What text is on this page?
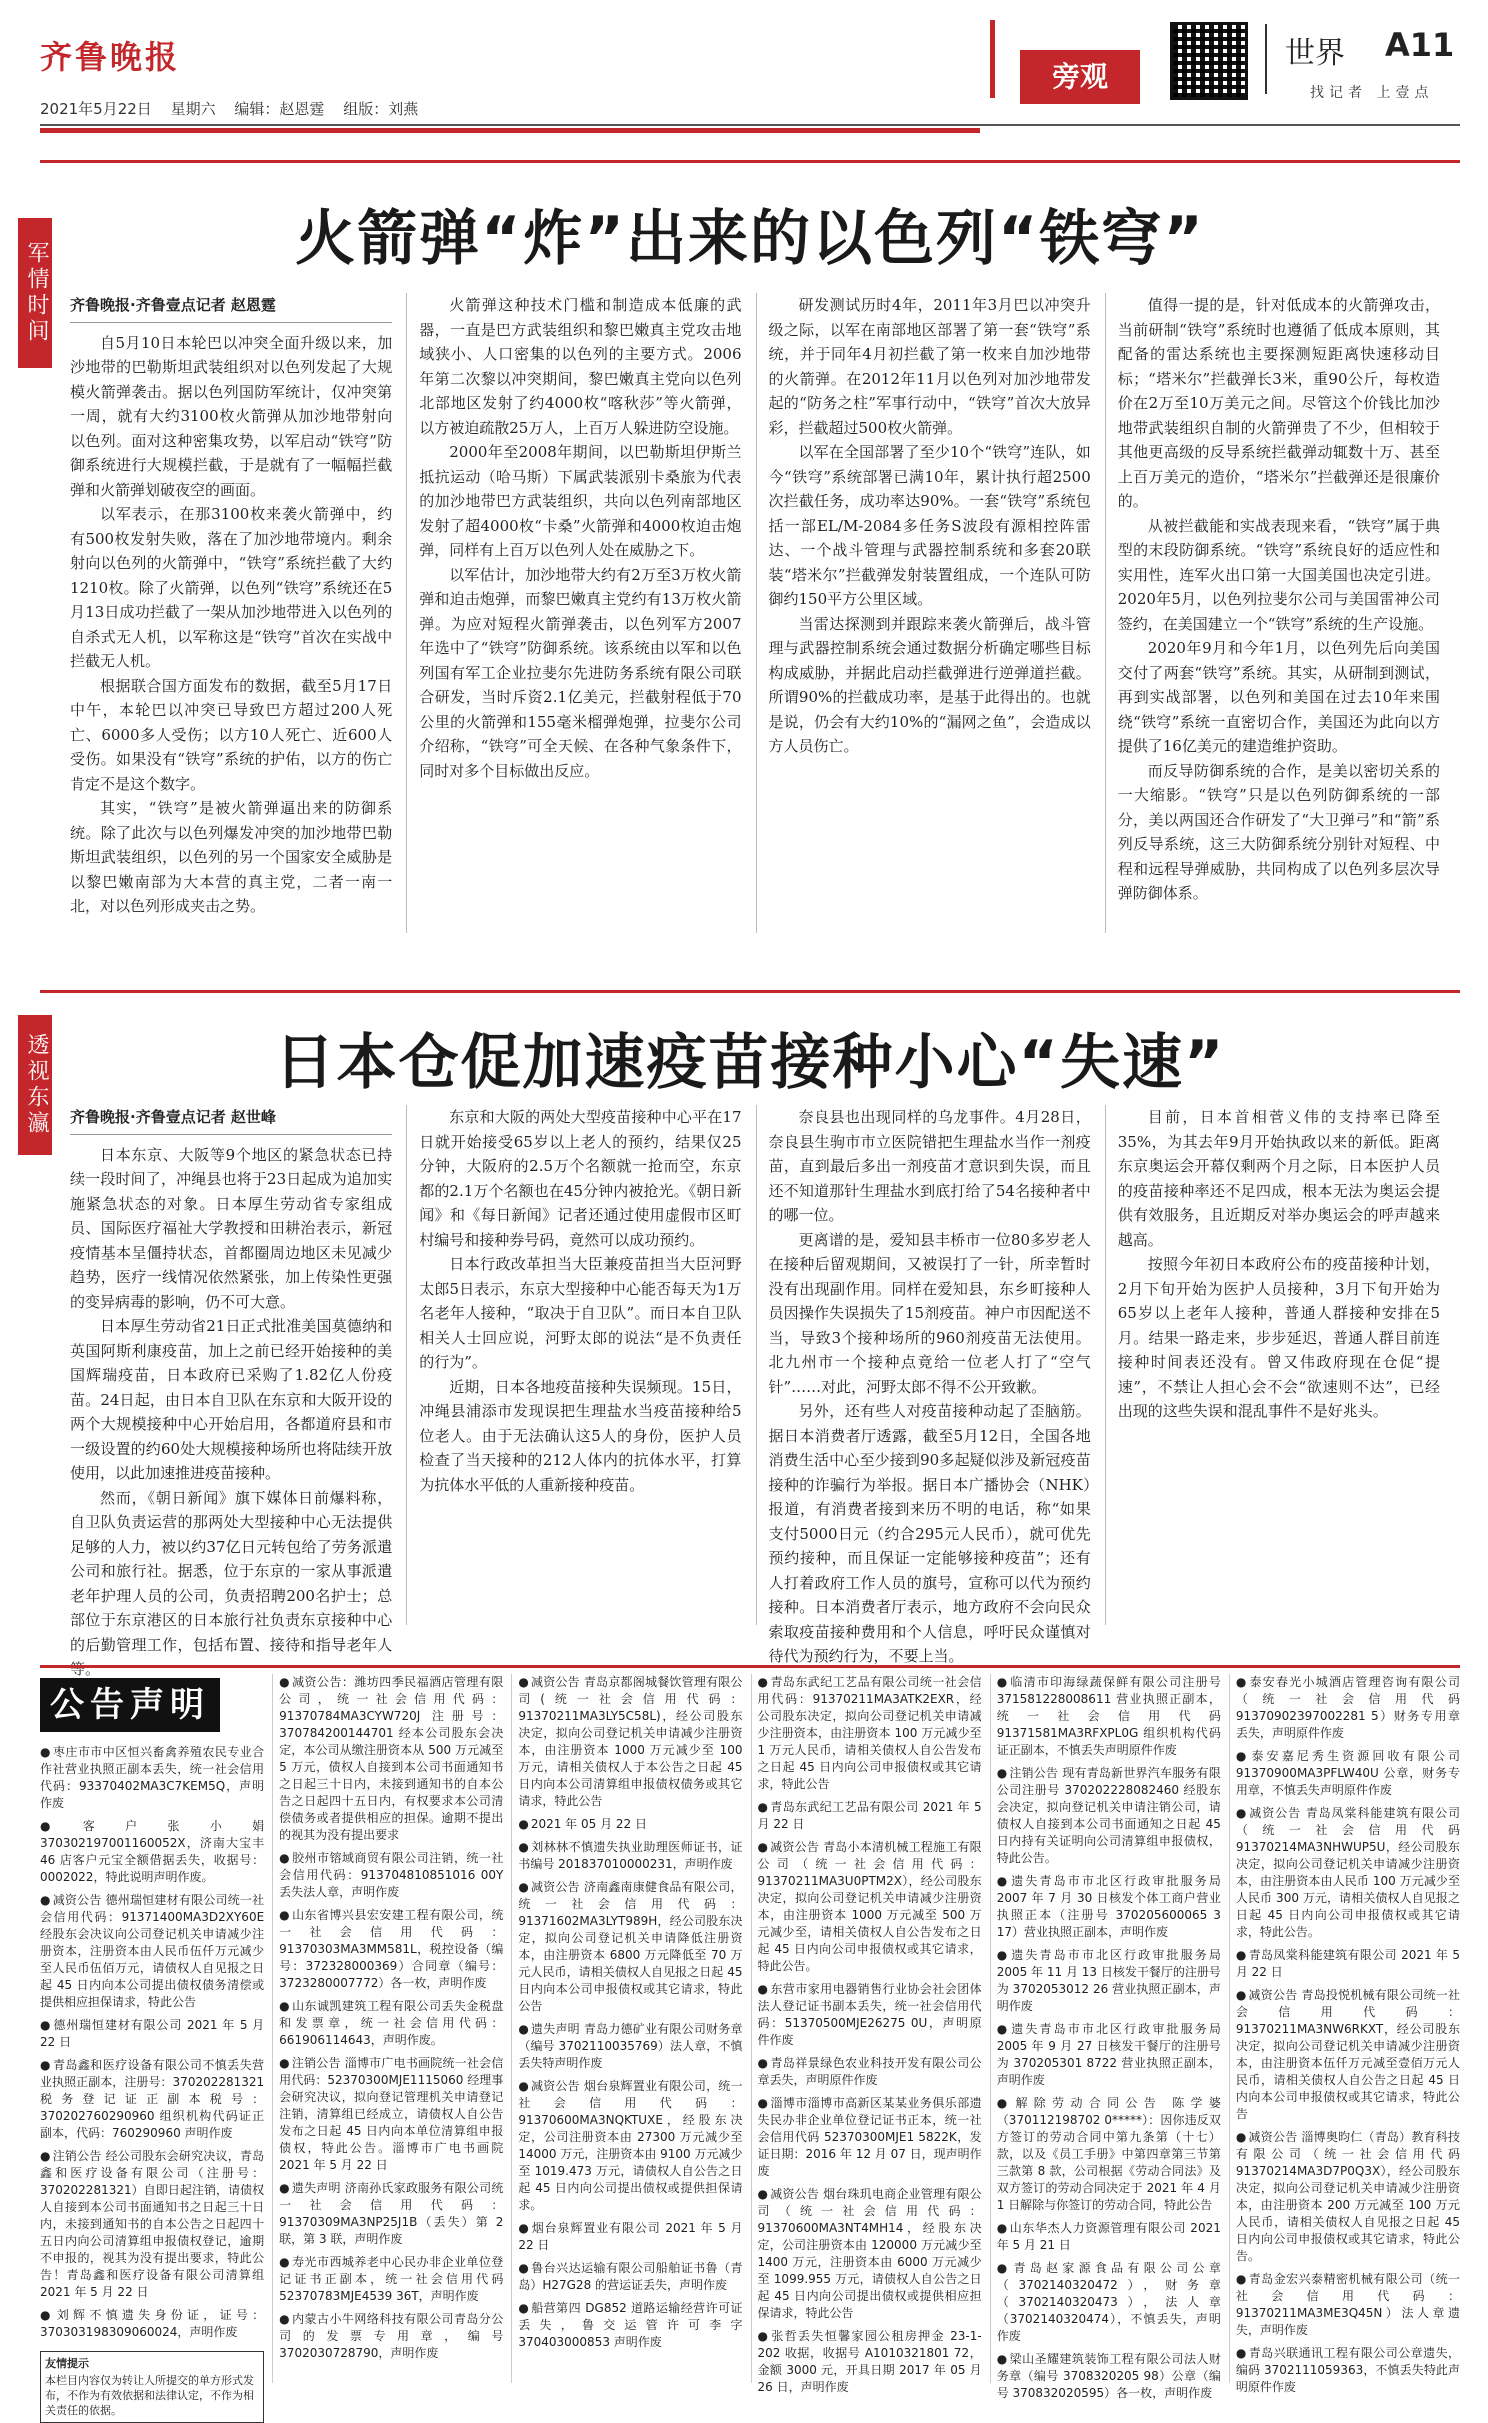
齐鲁晚报
2021年5月22日 星期六 编辑：赵恩霆 组版：刘燕
旁观
世界 A11
找记者 上壹点
军情时间
火箭弹“炸”出来的以色列“铁穹”
齐鲁晚报·齐鲁壹点记者 赵恩霆

自5月10日本轮巴以冲突全面升级以来，加沙地带的巴勒斯坦武装组织对以色列发起了大规模火箭弹袭击。据以色列国防军统计，仅冲突第一周，就有大约3100枚火箭弹从加沙地带射向以色列。面对这种密集攻势，以军启动“铁穹”防御系统进行大规模拦截，于是就有了一幅幅拦截弹和火箭弹划破夜空的画面。

以军表示，在那3100枚来袭火箭弹中，约有500枚发射失败，落在了加沙地带境内。剩余射向以色列的火箭弹中，“铁穹”系统拦截了大约1210枚。除了火箭弹，以色列“铁穹”系统还在5月13日成功拦截了一架从加沙地带进入以色列的自杀式无人机，以军称这是“铁穹”首次在实战中拦截无人机。

根据联合国方面发布的数据，截至5月17日中午，本轮巴以冲突已导致巴方超过200人死亡、6000多人受伤；以方10人死亡、近600人受伤。如果没有“铁穹”系统的护佑，以方的伤亡肯定不是这个数字。

其实，“铁穹”是被火箭弹逼出来的防御系统。除了此次与以色列爆发冲突的加沙地带巴勒斯坦武装组织，以色列的另一个国家安全威胁是以黎巴嫩南部为大本营的真主党，二者一南一北，对以色列形成夹击之势。

火箭弹这种技术门槛和制造成本低廉的武器，一直是巴方武装组织和黎巴嫩真主党攻击地域狭小、人口密集的以色列的主要方式。2006年第二次黎以冲突期间，黎巴嫩真主党向以色列北部地区发射了约4000枚“喀秋莎”等火箭弹，以方被迫疏散25万人，上百万人躲进防空设施。

2000年至2008年期间，以巴勒斯坦伊斯兰抵抗运动（哈马斯）下属武装派别卡桑旅为代表的加沙地带巴方武装组织，共向以色列南部地区发射了超4000枚“卡桑”火箭弹和4000枚迫击炮弹，同样有上百万以色列人处在威胁之下。

以军估计，加沙地带大约有2万至3万枚火箭弹和迫击炮弹，而黎巴嫩真主党约有13万枚火箭弹。为应对短程火箭弹袭击，以色列军方2007年选中了“铁穹”防御系统。该系统由以军和以色列国有军工企业拉斐尔先进防务系统有限公司联合研发，当时斥资2.1亿美元，拦截射程低于70公里的火箭弹和155毫米榴弹炮弹，拉斐尔公司介绍称，“铁穹”可全天候、在各种气象条件下，同时对多个目标做出反应。

研发测试历时4年，2011年3月巴以冲突升级之际，以军在南部地区部署了第一套“铁穹”系统，并于同年4月初拦截了第一枚来自加沙地带的火箭弹。在2012年11月以色列对加沙地带发起的“防务之柱”军事行动中，“铁穹”首次大放异彩，拦截超过500枚火箭弹。

以军在全国部署了至少10个“铁穹”连队，如今“铁穹”系统部署已满10年，累计执行超2500次拦截任务，成功率达90%。一套“铁穹”系统包括一部EL/M-2084多任务S波段有源相控阵雷达、一个战斗管理与武器控制系统和多套20联装“塔米尔”拦截弹发射装置组成，一个连队可防御约150平方公里区域。

当雷达探测到并跟踪来袭火箭弹后，战斗管理与武器控制系统会通过数据分析确定哪些目标构成威胁，并据此启动拦截弹进行逆弹道拦截。所谓90%的拦截成功率，是基于此得出的。也就是说，仍会有大约10%的“漏网之鱼”，会造成以方人员伤亡。

值得一提的是，针对低成本的火箭弹攻击，当前研制“铁穹”系统时也遵循了低成本原则，其配备的雷达系统也主要探测短距离快速移动目标；“塔米尔”拦截弹长3米，重90公斤，每枚造价在2万至10万美元之间。尽管这个价钱比加沙地带武装组织自制的火箭弹贵了不少，但相较于其他更高级的反导系统拦截弹动辄数十万、甚至上百万美元的造价，“塔米尔”拦截弹还是很廉价的。

从被拦截能和实战表现来看，“铁穹”属于典型的末段防御系统。“铁穹”系统良好的适应性和实用性，连军火出口第一大国美国也决定引进。2020年5月，以色列拉斐尔公司与美国雷神公司签约，在美国建立一个“铁穹”系统的生产设施。

2020年9月和今年1月，以色列先后向美国交付了两套“铁穹”系统。其实，从研制到测试，再到实战部署，以色列和美国在过去10年来围绕“铁穹”系统一直密切合作，美国还为此向以方提供了16亿美元的建造维护资助。

而反导防御系统的合作，是美以密切关系的一大缩影。“铁穹”只是以色列防御系统的一部分，美以两国还合作研发了“大卫弹弓”和“箭”系列反导系统，这三大防御系统分别针对短程、中程和远程导弹威胁，共同构成了以色列多层次导弹防御体系。

透视东瀛	日本仓促加速疫苗接种小心“失速”
齐鲁晚报·齐鲁壹点记者 赵世峰

日本东京、大阪等9个地区的紧急状态已持续一段时间了，冲绳县也将于23日起成为追加实施紧急状态的对象。日本厚生劳动省专家组成员、国际医疗福祉大学教授和田耕治表示，新冠疫情基本呈僵持状态，首都圈周边地区未见减少趋势，医疗一线情况依然紧张，加上传染性更强的变异病毒的影响，仍不可大意。

日本厚生劳动省21日正式批准美国莫德纳和英国阿斯利康疫苗，加上之前已经开始接种的美国辉瑞疫苗，日本政府已采购了1.82亿人份疫苗。24日起，由日本自卫队在东京和大阪开设的两个大规模接种中心开始启用，各都道府县和市一级设置的约60处大规模接种场所也将陆续开放使用，以此加速推进疫苗接种。

然而，《朝日新闻》旗下媒体日前爆料称，自卫队负责运营的那两处大型接种中心无法提供足够的人力，被以约37亿日元转包给了劳务派遣公司和旅行社。据悉，位于东京的一家从事派遣老年护理人员的公司，负责招聘200名护士；总部位于东京港区的日本旅行社负责东京接种中心的后勤管理工作，包括布置、接待和指导老年人等。

东京和大阪的两处大型疫苗接种中心平在17日就开始接受65岁以上老人的预约，结果仅25分钟，大阪府的2.5万个名额就一抢而空，东京都的2.1万个名额也在45分钟内被抢光。《朝日新闻》和《每日新闻》记者还通过使用虚假市区町村编号和接种券号码，竟然可以成功预约。

日本行政改革担当大臣兼疫苗担当大臣河野太郎5日表示，东京大型接种中心能否每天为1万名老年人接种，“取决于自卫队”。而日本自卫队相关人士回应说，河野太郎的说法“是不负责任的行为”。

近期，日本各地疫苗接种失误频现。15日，冲绳县浦添市发现误把生理盐水当疫苗接种给5位老人。由于无法确认这5人的身份，医护人员检查了当天接种的212人体内的抗体水平，打算为抗体水平低的人重新接种疫苗。

奈良县也出现同样的乌龙事件。4月28日，奈良县生驹市市立医院错把生理盐水当作一剂疫苗，直到最后多出一剂疫苗才意识到失误，而且还不知道那针生理盐水到底打给了54名接种者中的哪一位。

更离谱的是，爱知县丰桥市一位80多岁老人在接种后留观期间，又被误打了一针，所幸暂时没有出现副作用。同样在爱知县，东乡町接种人员因操作失误损失了15剂疫苗。神户市因配送不当，导致3个接种场所的960剂疫苗无法使用。北九州市一个接种点竟给一位老人打了“空气针”……对此，河野太郎不得不公开致歉。

另外，还有些人对疫苗接种动起了歪脑筋。据日本消费者厅透露，截至5月12日，全国各地消费生活中心至少接到90多起疑似涉及新冠疫苗接种的诈骗行为举报。据日本广播协会（NHK）报道，有消费者接到来历不明的电话，称“如果支付5000日元（约合295元人民币），就可优先预约接种，而且保证一定能够接种疫苗”；还有人打着政府工作人员的旗号，宣称可以代为预约接种。日本消费者厅表示，地方政府不会向民众索取疫苗接种费用和个人信息，呼吁民众谨慎对待代为预约行为，不要上当。

目前，日本首相菅义伟的支持率已降至35%，为其去年9月开始执政以来的新低。距离东京奥运会开幕仅剩两个月之际，日本医护人员的疫苗接种率还不足四成，根本无法为奥运会提供有效服务，且近期反对举办奥运会的呼声越来越高。

按照今年初日本政府公布的疫苗接种计划，2月下旬开始为医护人员接种，3月下旬开始为65岁以上老年人接种，普通人群接种安排在5月。结果一路走来，步步延迟，普通人群目前连接种时间表还没有。曾又伟政府现在仓促“提速”，不禁让人担心会不会“欲速则不达”，已经出现的这些失误和混乱事件不是好兆头。

● 枣庄市市中区恒兴畜禽养殖农民专业合作社营业执照正副本丢失，统一社会信用代码：93370402MA3C7KEM5Q，声明作废
● 客户张小娟 370302197001160052X，济南大宝丰 46 店客户元宝全额借据丢失，收据号：0002022，特此说明声明作废。
● 减资公告 德州瑞恒建材有限公司统一社会信用代码：91371400MA3D2XY60E经股东会决议向公司登记机关申请减少注册资本，注册资本由人民币伍仟万元减少至人民币伍佰万元，请债权人自见报之日起 45 日内向本公司提出债权债务清偿或提供相应担保请求，特此公告
● 德州瑞恒建材有限公司 2021 年 5 月 22 日
● 青岛鑫和医疗设备有限公司不慎丢失营业执照正副本，注册号：370202281321 税务登记证正副本税号：370202760290960 组织机构代码证正副本，代码：760290960 声明作废
● 注销公告 经公司股东会研究决议，青岛鑫和医疗设备有限公司（注册号：370202281321）自即日起注销，请债权人自接到本公司书面通知书之日起三十日内，未接到通知书的自本公告之日起四十五日内向公司清算组申报债权登记，逾期不申报的，视其为没有提出要求，特此公告！青岛鑫和医疗设备有限公司清算组 2021 年 5 月 22 日
● 刘辉不慎遗失身份证，证号：370303198309060024，声明作废
友情提示
本栏目内容仅为转让人所提交的单方形式发布，不作为有效依据和法律认定，不作为相关责任的依据。
● 减资公告：潍坊四季民福酒店管理有限公司，统一社会信用代码：91370784MA3CYW720J 注册号：370784200144701 经本公司股东会决定，本公司从缴注册资本从 500 万元减至 5 万元，债权人自接到本公司书面通知书之日起三十日内，未接到通知书的自本公告之日起四十五日内，有权要求本公司清偿债务或者提供相应的担保。逾期不提出的视其为没有提出要求
● 胶州市镕域商贸有限公司注销，统一社会信用代码：913704810851016 00Y 丢失法人章，声明作废
● 山东省博兴县宏安建工程有限公司，统一社会信用代码：91370303MA3MM581L，税控设备（编号：372328000369）合同章（编号：3723280007772）各一枚，声明作废
● 山东诚凯建筑工程有限公司丢失金税盘和发票章，统一社会信用代码：661906114643，声明作废。
● 注销公告 淄博市广电书画院统一社会信用代码：52370300MJE1115060 经理事会研究决议，拟向登记管理机关申请登记注销，清算组已经成立，请债权人自公告发布之日起 45 日内向本单位清算组申报债权，特此公告。淄博市广电书画院 2021 年 5 月 22 日
● 遗失声明 济南孙氏家政服务有限公司统一社会信用代码：91370309MA3NP25J1B（丢失）第 2 联，第 3 联，声明作废
● 寿光市西城养老中心民办非企业单位登记证书正副本，统一社会信用代码 52370783MJE4539 36T，声明作废
● 内蒙古小牛网络科技有限公司青岛分公司的发票专用章，编号 3702030728790，声明作废
● 减资公告 青岛京都阁城餐饮管理有限公司(统一社会信用代码：91370211MA3LY5C58L)，经公司股东决定，拟向公司登记机关申请减少注册资本，由注册资本 1000 万元减少至 100 万元，请相关债权人于本公告之日起 45 日内向本公司清算组申报债权债务或其它请求，特此公告
● 2021 年 05 月 22 日
● 刘林林不慎遗失执业助理医师证书，证书编号 201837010000231，声明作废
● 减资公告 济南鑫南康健食品有限公司，统一社会信用代码：91371602MA3LYT989H，经公司股东决定，拟向公司登记机关申请降低注册资本，由注册资本 6800 万元降低至 70 万元人民币，请相关债权人自见报之日起 45 日内向本公司申报债权或其它请求，特此公告
● 遗失声明 青岛力德矿业有限公司财务章（编号 3702110035769）法人章，不慎丢失特声明作废
● 减资公告 烟台泉辉置业有限公司，统一社会信用代码：91370600MA3NQKTUXE，经股东决定，公司注册资本由 27300 万元减少至 14000 万元，注册资本由 9100 万元减少至 1019.473 万元，请债权人自公告之日起 45 日内向公司提出债权或提供担保请求。
● 烟台泉辉置业有限公司 2021 年 5 月 22 日
● 鲁台兴达运输有限公司船舶证书鲁（青岛）H27G28 的营运证丢失，声明作废
● 船营第四 DG852 道路运输经营许可证丢失，鲁交运管许可李字 370403000853 声明作废
● 青岛东武纪工艺品有限公司统一社会信用代码：91370211MA3ATK2EXR，经公司股东决定，拟向公司登记机关申请减少注册资本，由注册资本 100 万元减少至 1 万元人民币，请相关债权人自公告发布之日起 45 日内向公司申报债权或其它请求，特此公告
● 青岛东武纪工艺品有限公司 2021 年 5 月 22 日
● 减资公告 青岛小本清机械工程施工有限公司（统一社会信用代码：91370211MA3U0PTM2X），经公司股东决定，拟向公司登记机关申请减少注册资本，由注册资本 1000 万元减至 500 万元减少至，请相关债权人自公告发布之日起 45 日内向公司申报债权或其它请求，特此公告。
● 东营市家用电器销售行业协会社会团体法人登记证书副本丢失，统一社会信用代码：51370500MJE26275 0U，声明原件作废
● 青岛祥景绿色农业科技开发有限公司公章丢失，声明原件作废
● 淄博市淄博市高新区某某业务俱乐部遗失民办非企业单位登记证书正本，统一社会信用代码 52370300MJE1 5822K，发证日期：2016 年 12 月 07 日，现声明作废
● 减资公告 烟台珠玑电商企业管理有限公司（统一社会信用代码：91370600MA3NT4MH14，经股东决定，公司注册资本由 120000 万元减少至 1400 万元，注册资本由 6000 万元减少至 1099.955 万元，请债权人自公告之日起 45 日内向公司提出债权或提供相应担保请求，特此公告
● 张哲丢失恒馨家园公租房押金 23-1-202 收据，收据号 A1010321801 72，金额 3000 元，开具日期 2017 年 05 月 26 日，声明作废
● 临清市印海绿蔬保鲜有限公司注册号 371581228008611 营业执照正副本，统一社会信用代码 91371581MA3RFXPL0G 组织机构代码证正副本，不慎丢失声明原件作废
● 注销公告 现有青岛新世界汽车服务有限公司注册号 370202228082460 经股东会决定，拟向登记机关申请注销公司，请债权人自接到本公司书面通知之日起 45 日内持有关证明向公司清算组申报债权，特此公告。
● 遗失青岛市市北区行政审批服务局 2007 年 7 月 30 日核发个体工商户营业执照正本（注册号 370205600065 3 17）营业执照正副本，声明作废
● 遗失青岛市市北区行政审批服务局 2005 年 11 月 13 日核发干餐厅的注册号为 3702053012 26 营业执照正副本，声明作废
● 遗失青岛市市北区行政审批服务局 2005 年 9 月 27 日核发干餐厅的注册号为 370205301 8722 营业执照正副本，声明作废
● 解除劳动合同公告 陈学婆（370112198702 0*****）：因你违反双方签订的劳动合同中第九条第（十七）款，以及《员工手册》中第四章第三节第三款第 8 款，公司根据《劳动合同法》及双方签订的劳动合同决定于 2021 年 4 月 1 日解除与你签订的劳动合同，特此公告
● 山东华杰人力资源管理有限公司 2021 年 5 月 21 日
● 青岛赵家源食品有限公司公章（3702140320472），财务章（3702140320473），法人章（3702140320474），不慎丢失，声明作废
● 梁山圣耀建筑装饰工程有限公司法人财务章（编号 3708320205 98）公章（编号 370832020595）各一枚，声明作废
● 泰安春光小城酒店管理咨询有限公司（统一社会信用代码 91370902397002281 5）财务专用章丢失，声明原件作废
● 泰安嘉尼秀生资源回收有限公司 91370900MA3PFLW40U 公章，财务专用章，不慎丢失声明原件作废
● 减资公告 青岛凤棠科能建筑有限公司（统一社会信用代码 91370214MA3NHWUP5U，经公司股东决定，拟向公司登记机关申请减少注册资本，由注册资本由人民币 100 万元减少至人民币 300 万元，请相关债权人自见报之日起 45 日内向公司申报债权或其它请求，特此公告。
● 青岛凤棠科能建筑有限公司 2021 年 5 月 22 日
● 减资公告 青岛投悦机械有限公司统一社会信用代码：91370211MA3NW6RKXT，经公司股东决定，拟向公司登记机关申请减少注册资本，由注册资本伍仟万元减至壹佰万元人民币，请相关债权人自公告之日起 45 日内向本公司申报债权或其它请求，特此公告
● 减资公告 淄博奥昀仁（青岛）教育科技有限公司（统一社会信用代码 91370214MA3D7P0Q3X），经公司股东决定，拟向公司登记机关申请减少注册资本，由注册资本 200 万元减至 100 万元人民币，请相关债权人自见报之日起 45 日内向公司申报债权或其它请求，特此公告。
● 青岛金宏兴泰精密机械有限公司（统一社会信用代码：91370211MA3ME3Q45N）法人章遗失，声明作废
● 青岛兴联通讯工程有限公司公章遗失，编码 3702111059363，不慎丢失特此声明原件作废
公告声明
